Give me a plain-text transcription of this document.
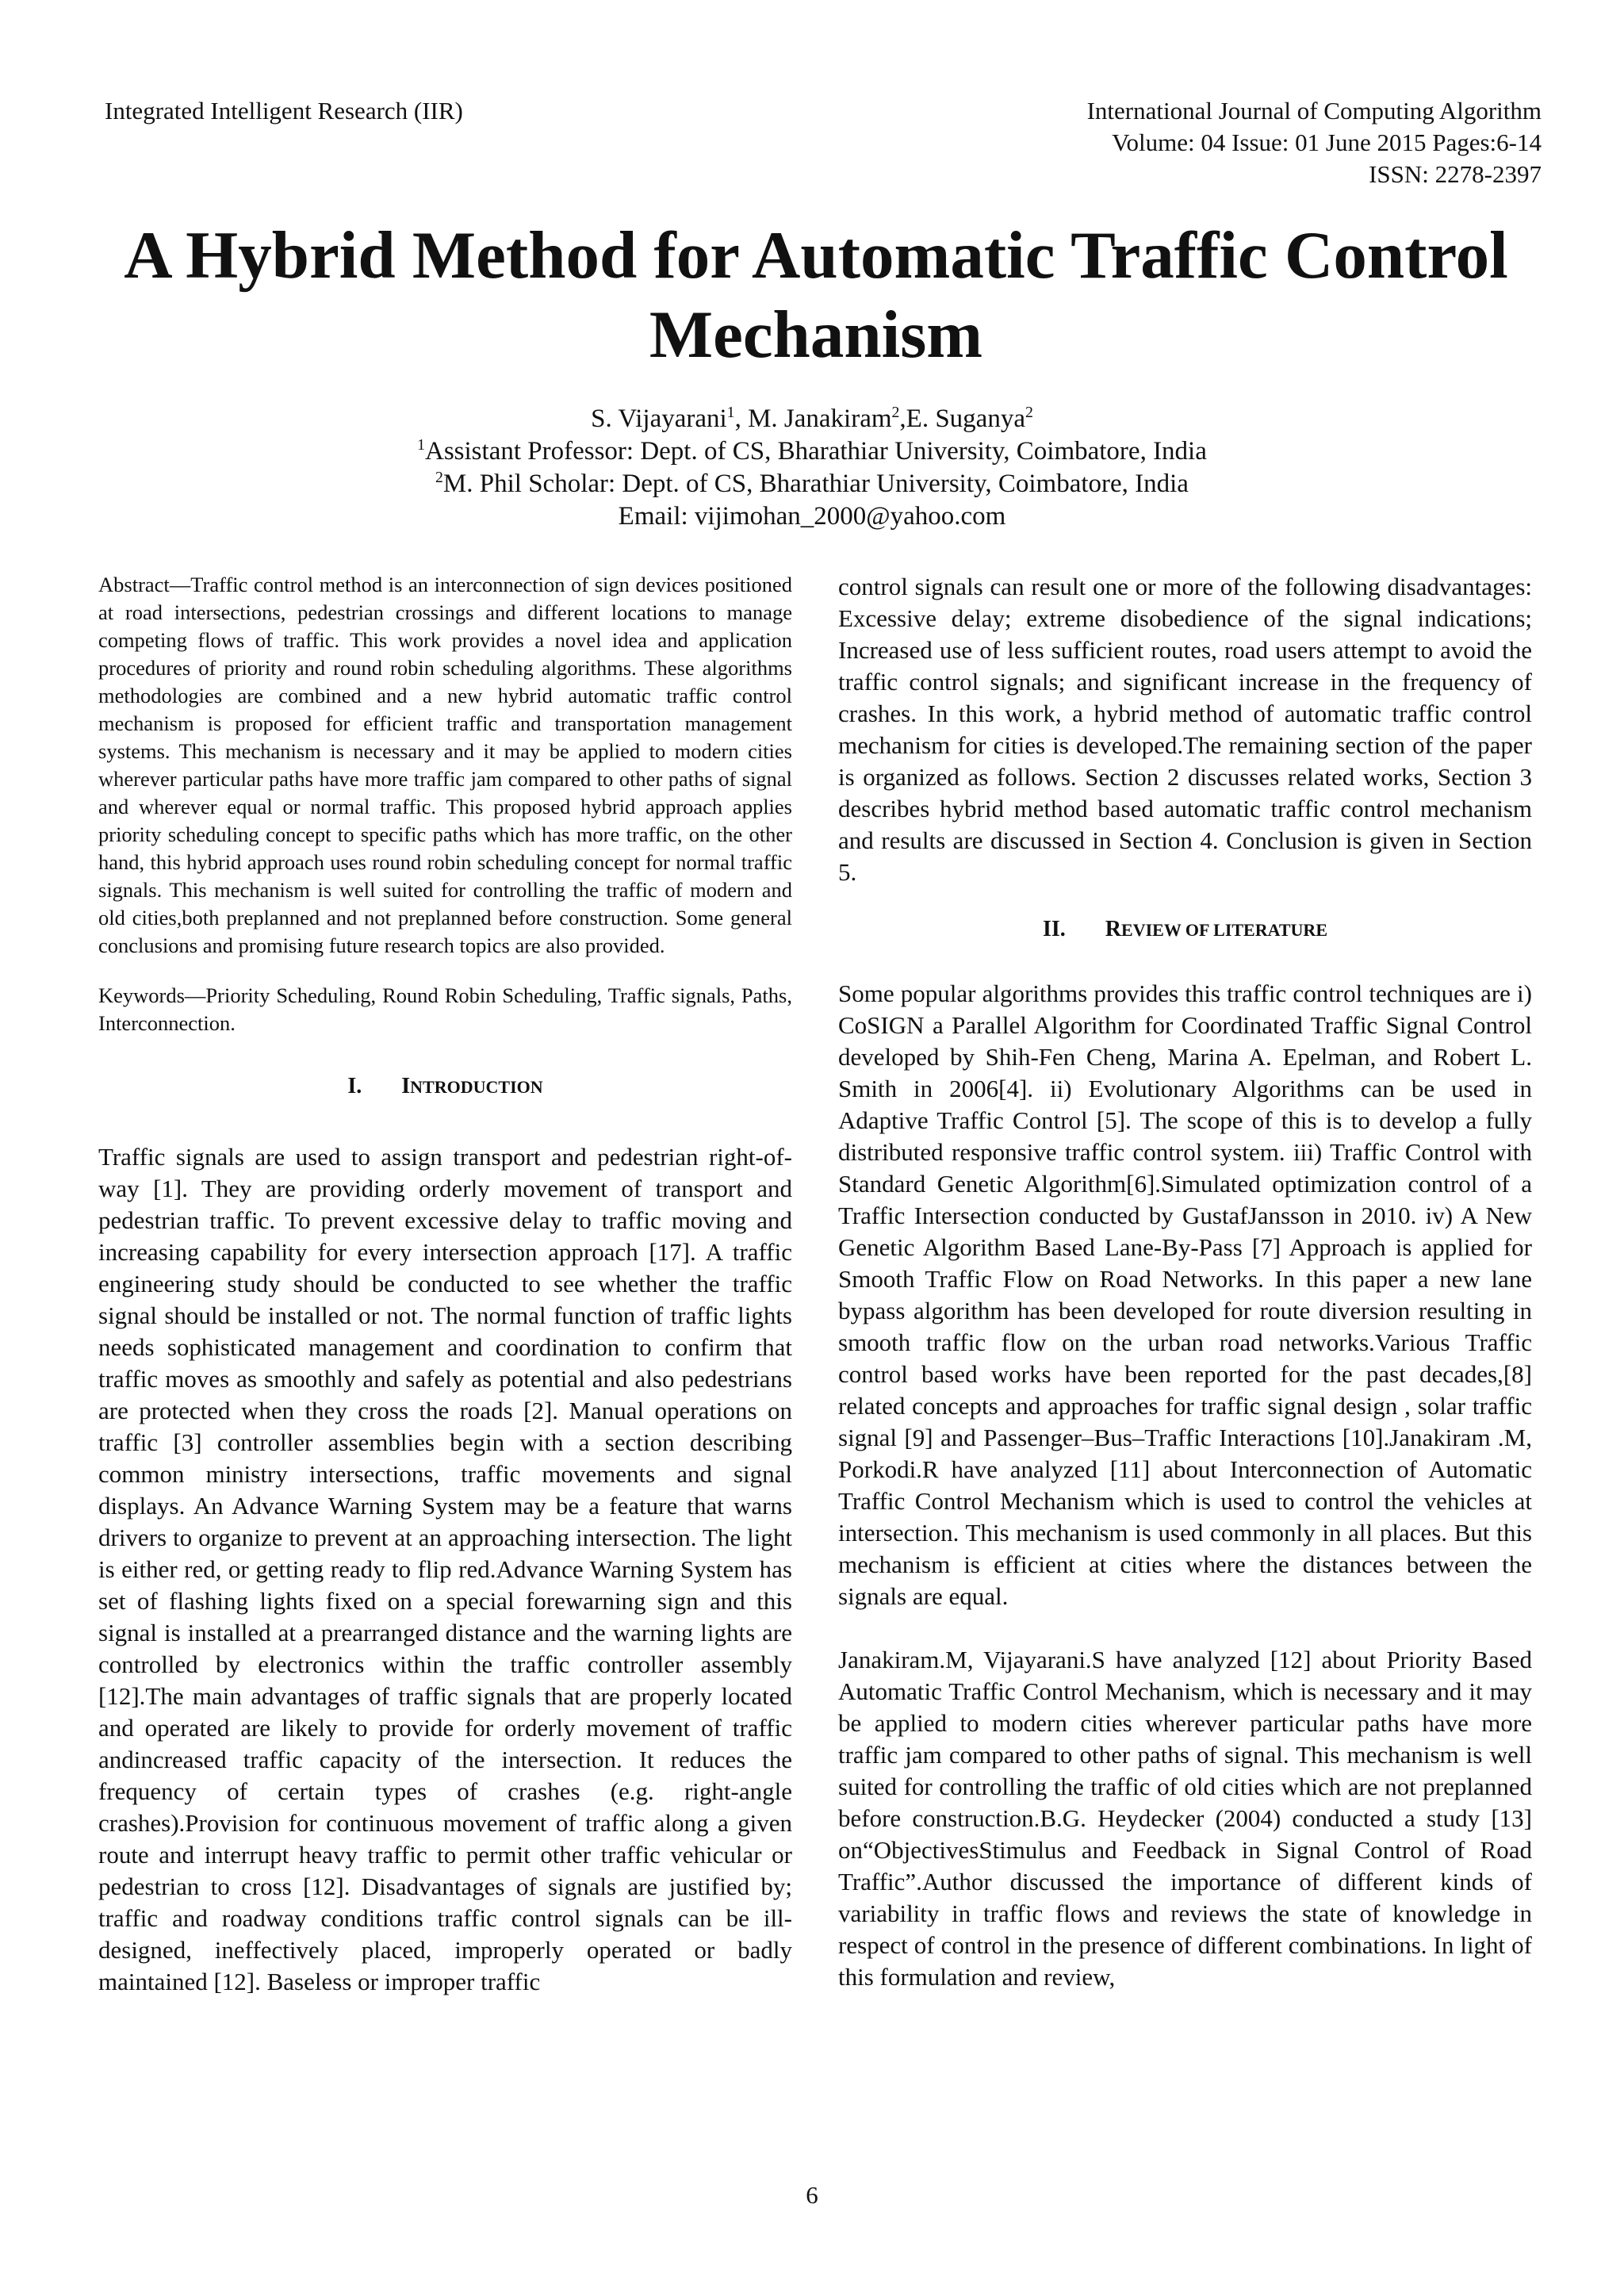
Integrated Intelligent Research (IIR)	International Journal of Computing Algorithm
Volume: 04 Issue: 01 June 2015 Pages:6-14
ISSN: 2278-2397
A Hybrid Method for Automatic Traffic Control
Mechanism
S. Vijayarani$^1$, M. Janakiram$^2$,E. Suganya$^2$
$^1$Assistant Professor: Dept. of CS, Bharathiar University, Coimbatore, India
$^2$M. Phil Scholar: Dept. of CS, Bharathiar University, Coimbatore, India
Email: vijimohan_2000@yahoo.com

Abstract—Traffic control method is an interconnection of sign devices positioned at road intersections, pedestrian crossings and different locations to manage competing flows of traffic. This work provides a novel idea and application procedures of priority and round robin scheduling algorithms. These algorithms methodologies are combined and a new hybrid automatic traffic control mechanism is proposed for efficient traffic and transportation management systems. This mechanism is necessary and it may be applied to modern cities wherever particular paths have more traffic jam compared to other paths of signal and wherever equal or normal traffic. This proposed hybrid approach applies priority scheduling concept to specific paths which has more traffic, on the other hand, this hybrid approach uses round robin scheduling concept for normal traffic signals. This mechanism is well suited for controlling the traffic of modern and old cities,both preplanned and not preplanned before construction. Some general conclusions and promising future research topics are also provided.

Keywords—Priority Scheduling, Round Robin Scheduling, Traffic signals, Paths, Interconnection.

I. INTRODUCTION

Traffic signals are used to assign transport and pedestrian right-of-way [1]. They are providing orderly movement of transport and pedestrian traffic. To prevent excessive delay to traffic moving and increasing capability for every intersection approach [17]. A traffic engineering study should be conducted to see whether the traffic signal should be installed or not. The normal function of traffic lights needs sophisticated management and coordination to confirm that traffic moves as smoothly and safely as potential and also pedestrians are protected when they cross the roads [2]. Manual operations on traffic [3] controller assemblies begin with a section describing common ministry intersections, traffic movements and signal displays. An Advance Warning System may be a feature that warns drivers to organize to prevent at an approaching intersection. The light is either red, or getting ready to flip red.Advance Warning System has set of flashing lights fixed on a special forewarning sign and this signal is installed at a prearranged distance and the warning lights are controlled by electronics within the traffic controller assembly [12].The main advantages of traffic signals that are properly located and operated are likely to provide for orderly movement of traffic andincreased traffic capacity of the intersection. It reduces the frequency of certain types of crashes (e.g. right-angle crashes).Provision for continuous movement of traffic along a given route and interrupt heavy traffic to permit other traffic vehicular or pedestrian to cross [12]. Disadvantages of signals are justified by; traffic and roadway conditions traffic control signals can be ill-designed, ineffectively placed, improperly operated or badly maintained [12]. Baseless or improper traffic

control signals can result one or more of the following disadvantages: Excessive delay; extreme disobedience of the signal indications; Increased use of less sufficient routes, road users attempt to avoid the traffic control signals; and significant increase in the frequency of crashes. In this work, a hybrid method of automatic traffic control mechanism for cities is developed.The remaining section of the paper is organized as follows. Section 2 discusses related works, Section 3 describes hybrid method based automatic traffic control mechanism and results are discussed in Section 4. Conclusion is given in Section 5.

II. REVIEW OF LITERATURE

Some popular algorithms provides this traffic control techniques are i) CoSIGN a Parallel Algorithm for Coordinated Traffic Signal Control developed by Shih-Fen Cheng, Marina A. Epelman, and Robert L. Smith in 2006[4]. ii) Evolutionary Algorithms can be used in Adaptive Traffic Control [5]. The scope of this is to develop a fully distributed responsive traffic control system. iii) Traffic Control with Standard Genetic Algorithm[6].Simulated optimization control of a Traffic Intersection conducted by GustafJansson in 2010. iv) A New Genetic Algorithm Based Lane-By-Pass [7] Approach is applied for Smooth Traffic Flow on Road Networks. In this paper a new lane bypass algorithm has been developed for route diversion resulting in smooth traffic flow on the urban road networks.Various Traffic control based works have been reported for the past decades,[8] related concepts and approaches for traffic signal design , solar traffic signal [9] and Passenger–Bus–Traffic Interactions [10].Janakiram .M, Porkodi.R have analyzed [11] about Interconnection of Automatic Traffic Control Mechanism which is used to control the vehicles at intersection. This mechanism is used commonly in all places. But this mechanism is efficient at cities where the distances between the signals are equal.

Janakiram.M, Vijayarani.S have analyzed [12] about Priority Based Automatic Traffic Control Mechanism, which is necessary and it may be applied to modern cities wherever particular paths have more traffic jam compared to other paths of signal. This mechanism is well suited for controlling the traffic of old cities which are not preplanned before construction.B.G. Heydecker (2004) conducted a study [13] on“ObjectivesStimulus and Feedback in Signal Control of Road Traffic”.Author discussed the importance of different kinds of variability in traffic flows and reviews the state of knowledge in respect of control in the presence of different combinations. In light of this formulation and review,

6
